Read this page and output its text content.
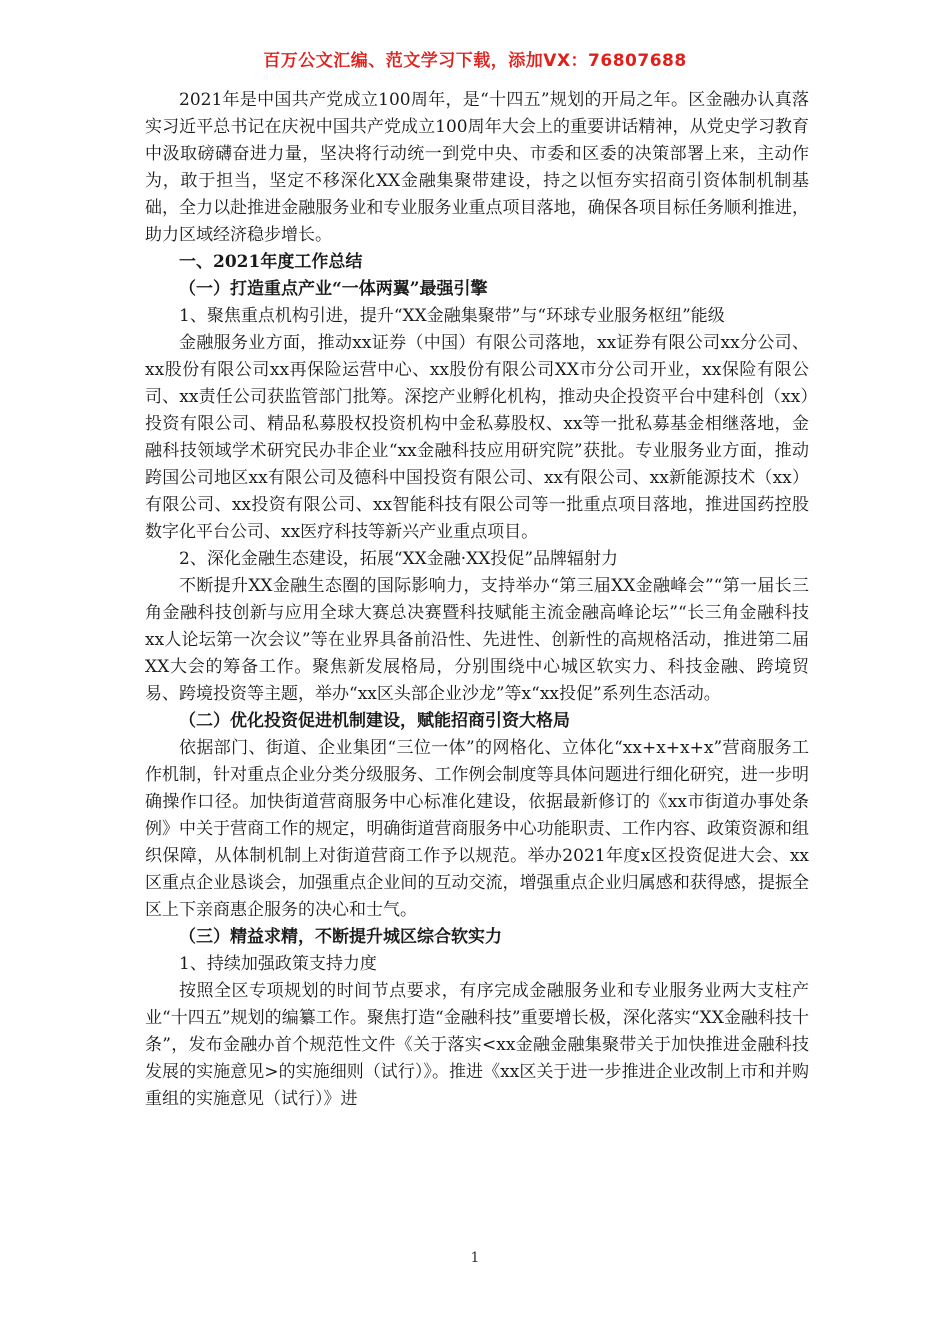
百万公文汇编、范文学习下载，添加VX：76807688

2021年是中国共产党成立100周年，是“十四五”规划的开局之年。区金融办认真落实习近平总书记在庆祝中国共产党成立100周年大会上的重要讲话精神，从党史学习教育中汲取磅礴奋进力量，坚决将行动统一到党中央、市委和区委的决策部署上来，主动作为，敢于担当，坚定不移深化XX金融集聚带建设，持之以恒夯实招商引资体制机制基础，全力以赴推进金融服务业和专业服务业重点项目落地，确保各项目标任务顺利推进，助力区域经济稳步增长。

一、2021年度工作总结

（一）打造重点产业“一体两翼”最强引擎

1、聚焦重点机构引进，提升“XX金融集聚带”与“环球专业服务枢纽”能级

金融服务业方面，推动xx证券（中国）有限公司落地，xx证券有限公司xx分公司、xx股份有限公司xx再保险运营中心、xx股份有限公司XX市分公司开业，xx保险有限公司、xx责任公司获监管部门批筹。深挖产业孵化机构，推动央企投资平台中建科创（xx）投资有限公司、精品私募股权投资机构中金私募股权、xx等一批私募基金相继落地，金融科技领域学术研究民办非企业“xx金融科技应用研究院”获批。专业服务业方面，推动跨国公司地区xx有限公司及德科中国投资有限公司、xx有限公司、xx新能源技术（xx）有限公司、xx投资有限公司、xx智能科技有限公司等一批重点项目落地，推进国药控股数字化平台公司、xx医疗科技等新兴产业重点项目。

2、深化金融生态建设，拓展“XX金融·XX投促”品牌辐射力

不断提升XX金融生态圈的国际影响力，支持举办“第三届XX金融峰会”“第一届长三角金融科技创新与应用全球大赛总决赛暨科技赋能主流金融高峰论坛”“长三角金融科技xx人论坛第一次会议”等在业界具备前沿性、先进性、创新性的高规格活动，推进第二届XX大会的筹备工作。聚焦新发展格局，分别围绕中心城区软实力、科技金融、跨境贸易、跨境投资等主题，举办“xx区头部企业沙龙”等x“xx投促”系列生态活动。

（二）优化投资促进机制建设，赋能招商引资大格局

依据部门、街道、企业集团“三位一体”的网格化、立体化“xx+x+x+x”营商服务工作机制，针对重点企业分类分级服务、工作例会制度等具体问题进行细化研究，进一步明确操作口径。加快街道营商服务中心标准化建设，依据最新修订的《xx市街道办事处条例》中关于营商工作的规定，明确街道营商服务中心功能职责、工作内容、政策资源和组织保障，从体制机制上对街道营商工作予以规范。举办2021年度x区投资促进大会、xx区重点企业恳谈会，加强重点企业间的互动交流，增强重点企业归属感和获得感，提振全区上下亲商惠企服务的决心和士气。

（三）精益求精，不断提升城区综合软实力

1、持续加强政策支持力度

按照全区专项规划的时间节点要求，有序完成金融服务业和专业服务业两大支柱产业“十四五”规划的编纂工作。聚焦打造“金融科技”重要增长极，深化落实“XX金融科技十条”，发布金融办首个规范性文件《关于落实<xx金融金融集聚带关于加快推进金融科技发展的实施意见>的实施细则（试行）》。推进《xx区关于进一步推进企业改制上市和并购重组的实施意见（试行）》进

1
